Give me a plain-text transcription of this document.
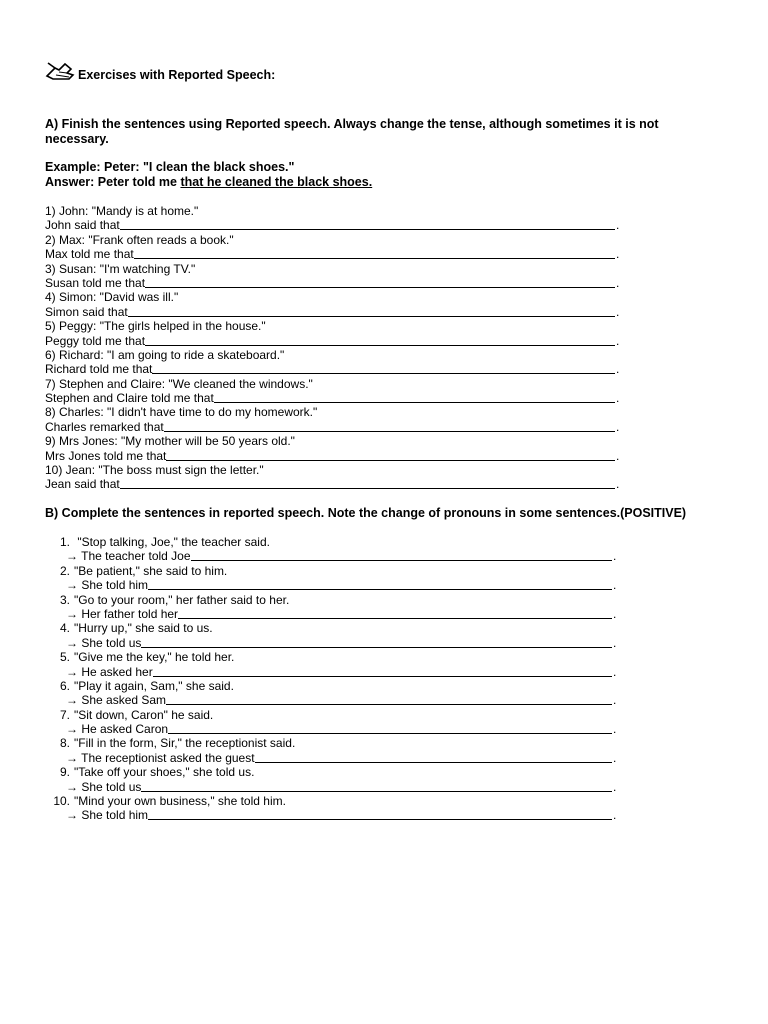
Exercises with Reported Speech:
A) Finish the sentences using Reported speech. Always change the tense, although sometimes it is not necessary.
Example: Peter: "I clean the black shoes."
Answer: Peter told me that he cleaned the black shoes.
1) John: "Mandy is at home."
John said that	.
2) Max: "Frank often reads a book."
Max told me that	.
3) Susan: "I'm watching TV."
Susan told me that	.
4) Simon: "David was ill."
Simon said that	.
5) Peggy: "The girls helped in the house."
Peggy told me that	.
6) Richard: "I am going to ride a skateboard."
Richard told me that	.
7) Stephen and Claire: "We cleaned the windows."
Stephen and Claire told me that	.
8) Charles: "I didn't have time to do my homework."
Charles remarked that	.
9) Mrs Jones: "My mother will be 50 years old."
Mrs Jones told me that	.
10) Jean: "The boss must sign the letter."
Jean said that	.
B) Complete the sentences in reported speech. Note the change of pronouns in some sentences.(POSITIVE)
1. "Stop talking, Joe," the teacher said.
→ The teacher told Joe	.
2. "Be patient," she said to him.
→ She told him	.
3. "Go to your room," her father said to her.
→ Her father told her	.
4. "Hurry up," she said to us.
→ She told us	.
5. "Give me the key," he told her.
→ He asked her	.
6. "Play it again, Sam," she said.
→ She asked Sam	.
7. "Sit down, Caron" he said.
→ He asked Caron	.
8. "Fill in the form, Sir," the receptionist said.
→ The receptionist asked the guest	.
9. "Take off your shoes," she told us.
→ She told us	.
10. "Mind your own business," she told him.
→ She told him	.
